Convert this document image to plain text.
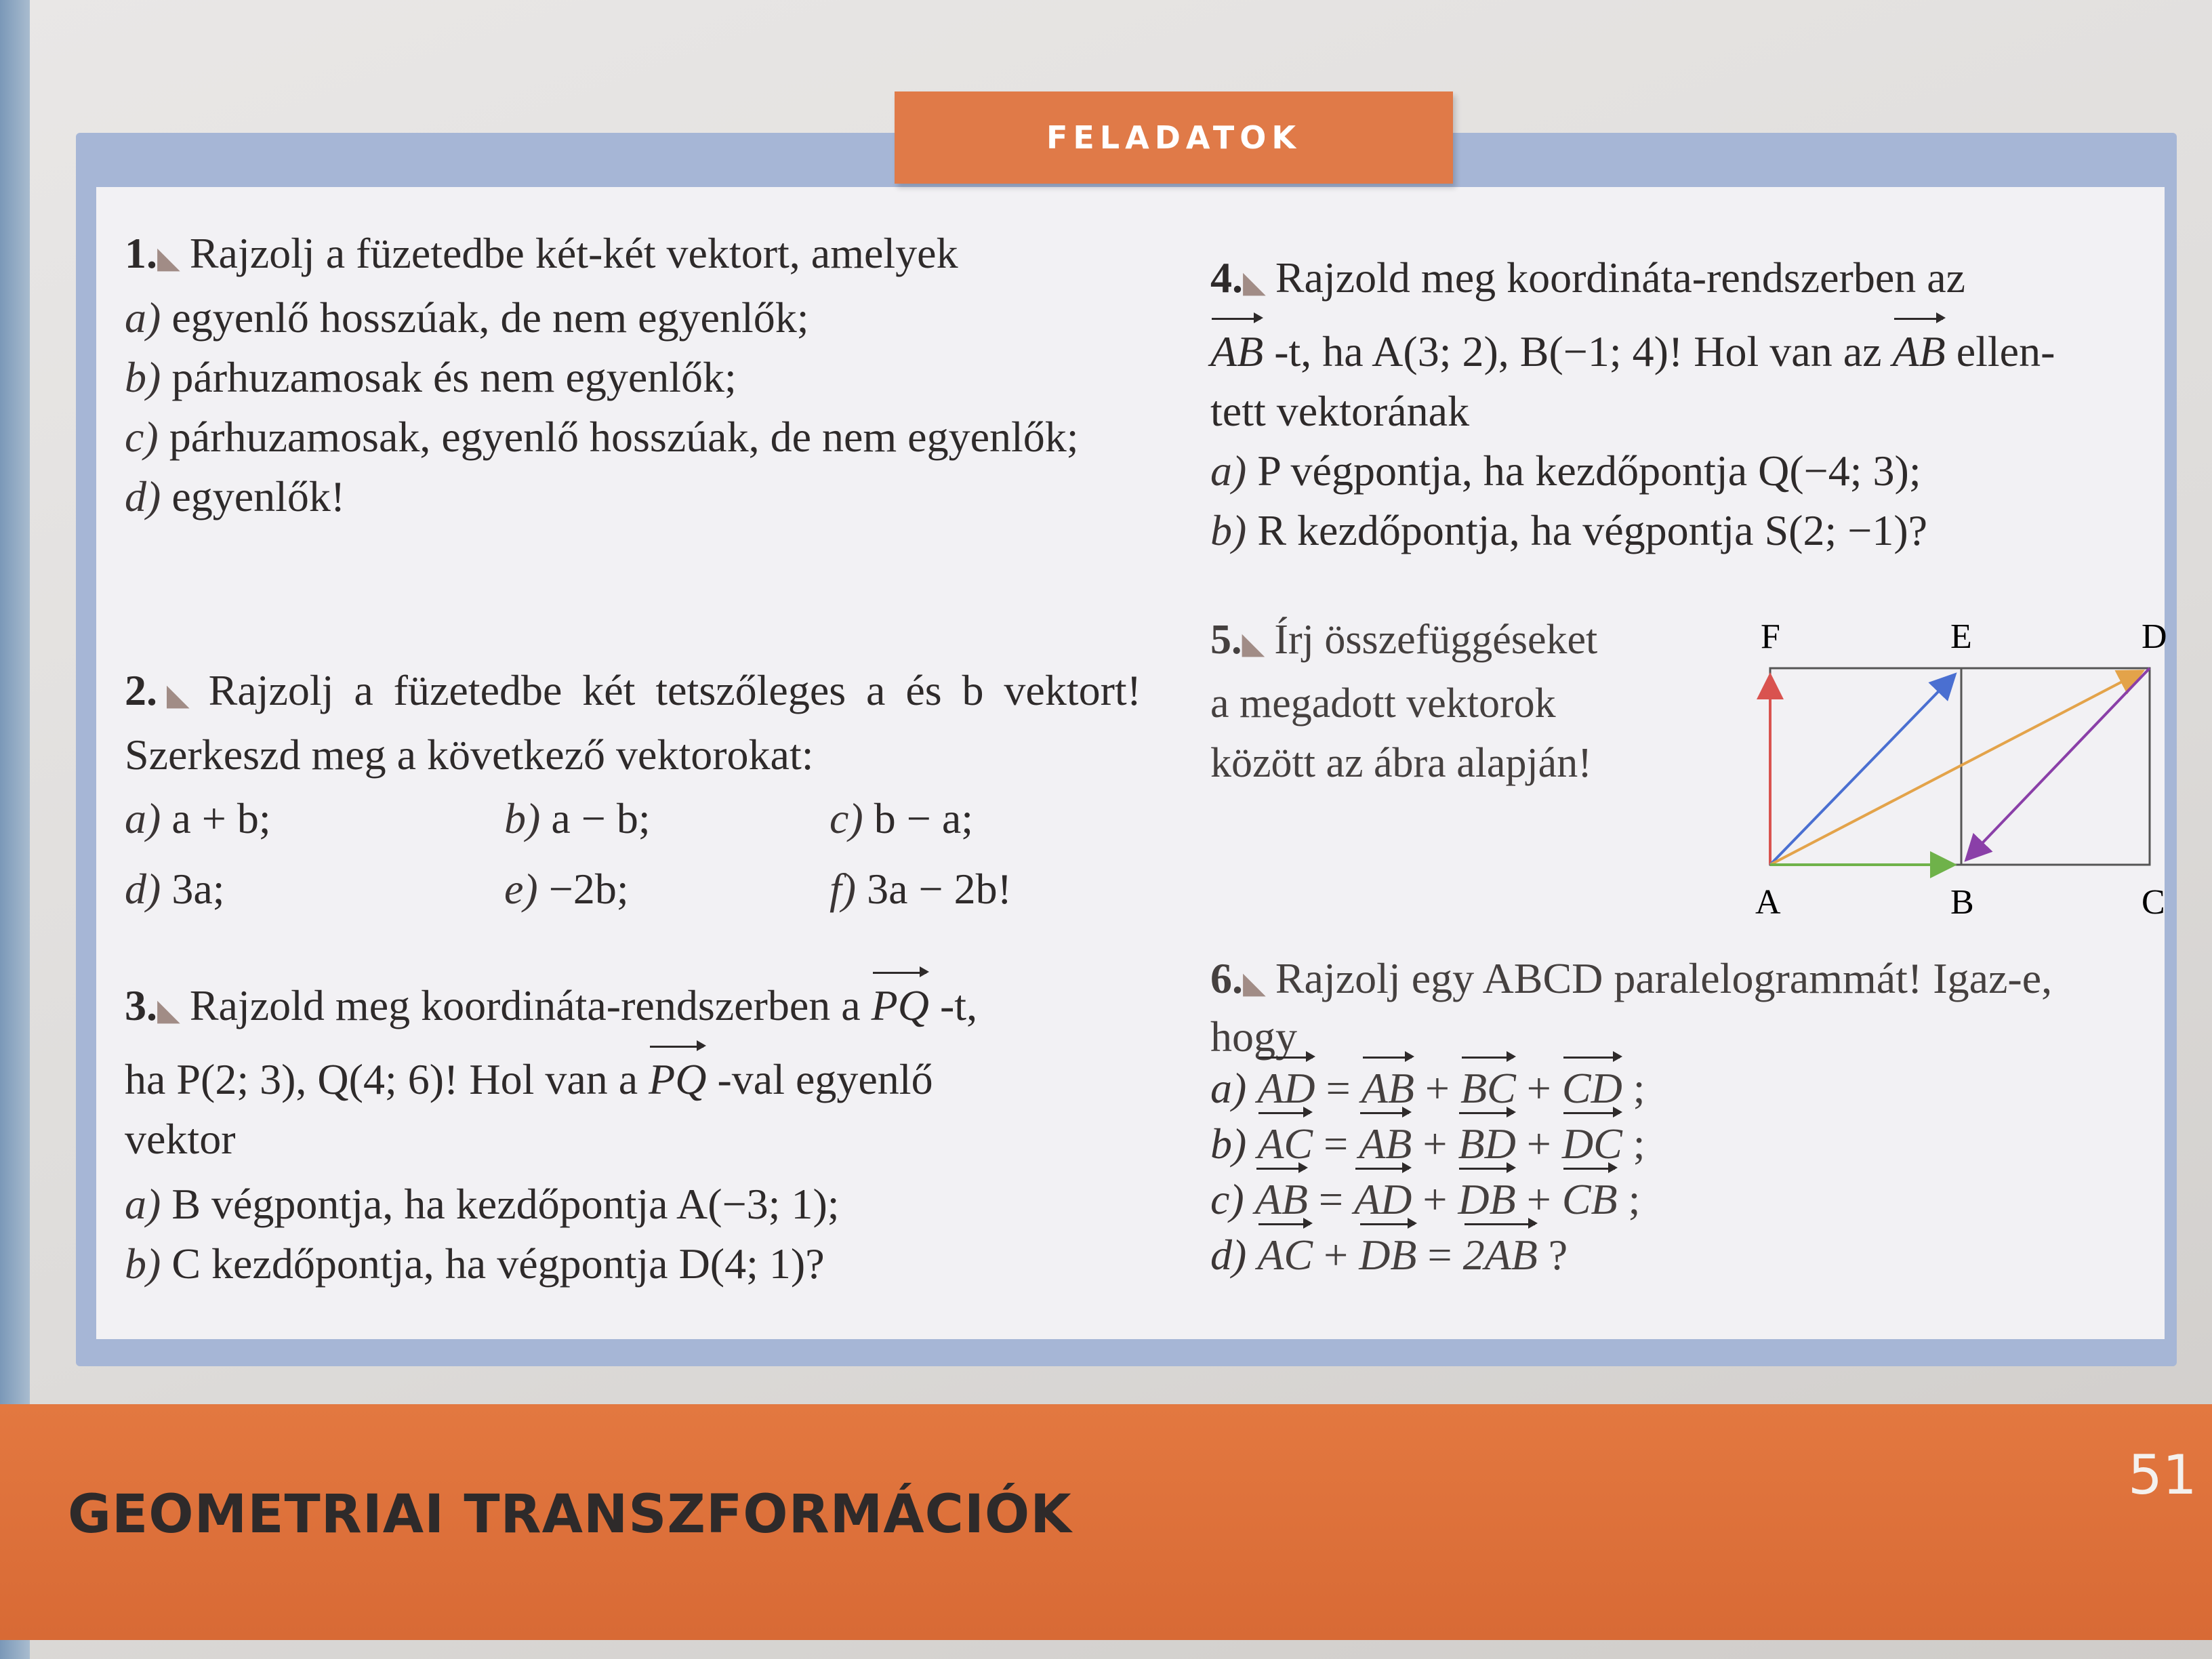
FELADATOK

1.◣ Rajzolj a füzetedbe két-két vektort, amelyek

a) egyenlő hosszúak, de nem egyenlők;

b) párhuzamosak és nem egyenlők;

c) párhuzamosak, egyenlő hosszúak, de nem egyenlők;

d) egyenlők!

2.◣ Rajzolj a füzetedbe két tetszőleges a és b vektort! Szerkeszd meg a következő vektorokat:

a) a + b;	b) a − b;	c) b − a;
d) 3a;	e) −2b;	f) 3a − 2b!

3.◣ Rajzold meg koordináta-rendszerben a PQ -t,

ha P(2; 3), Q(4; 6)! Hol van a PQ -val egyenlő

vektor

a) B végpontja, ha kezdőpontja A(−3; 1);

b) C kezdőpontja, ha végpontja D(4; 1)?

4.◣ Rajzold meg koordináta-rendszerben az

AB -t, ha A(3; 2), B(−1; 4)! Hol van az AB ellen-

tett vektorának

a) P végpontja, ha kezdőpontja Q(−4; 3);

b) R kezdőpontja, ha végpontja S(2; −1)?

5.◣ Írj összefüggéseket

a megadott vektorok

között az ábra alapján!

F	E	D
A	B	C

6.◣ Rajzolj egy ABCD paralelogrammát! Igaz-e,

hogy

a) AD = AB + BC + CD ;

b) AC = AB + BD + DC ;

c) AB = AD + DB + CB ;

d) AC + DB = 2AB ?

GEOMETRIAI TRANSZFORMÁCIÓK
51
